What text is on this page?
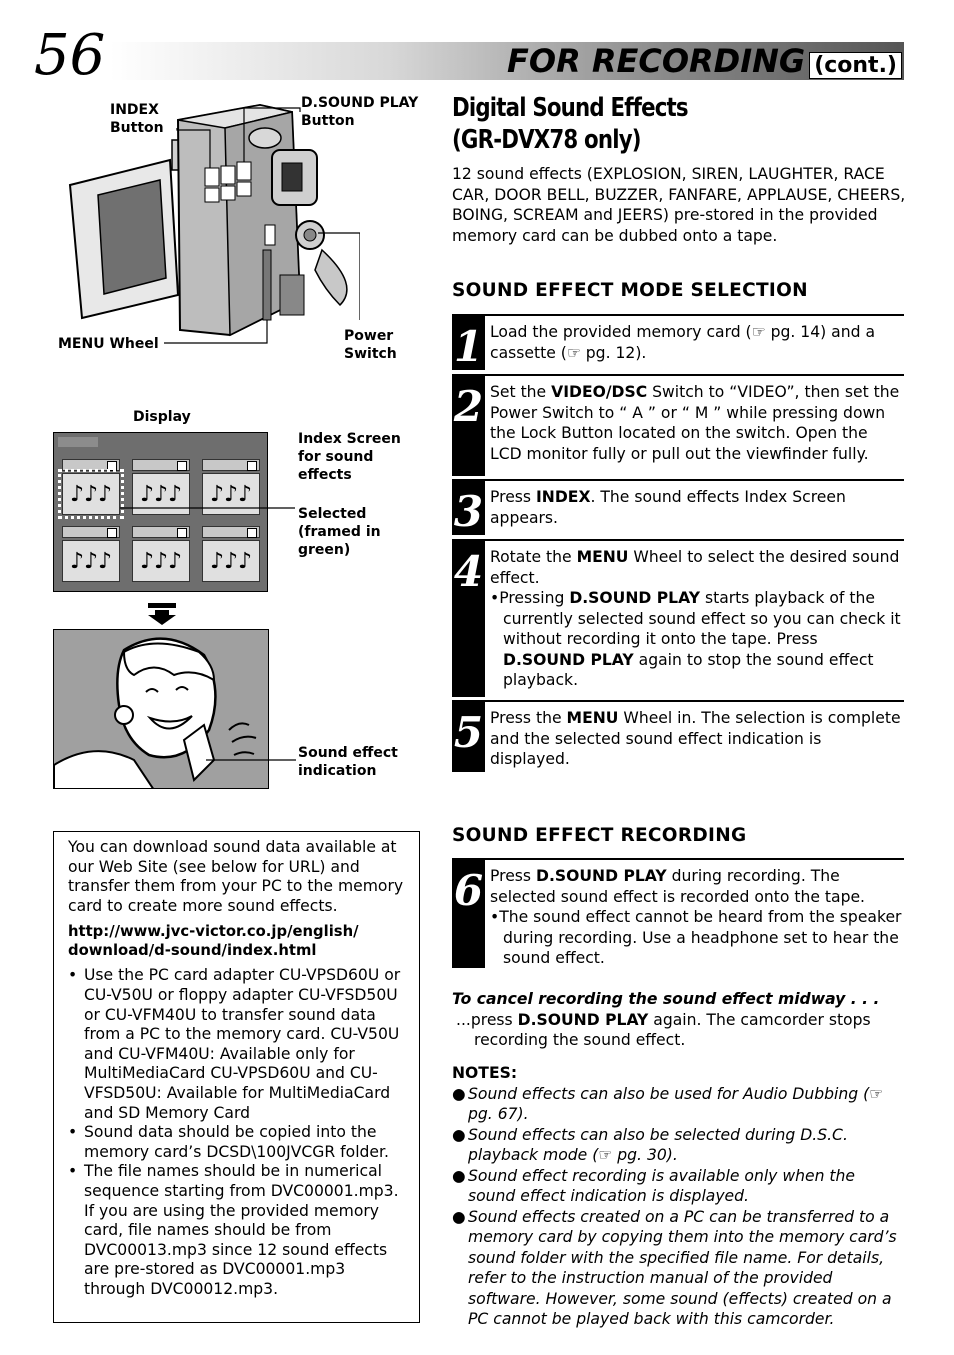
56	FOR RECORDING (cont.)
INDEX
Button
D.SOUND PLAY
Button
MENU Wheel	Power
Switch
Display
♪♪♪	♪♪♪	♪♪♪
♪♪♪	♪♪♪	♪♪♪
Index Screen
for sound
effects
Selected
(framed in
green)
Sound effect
indication
Digital Sound Effects
(GR-DVX78 only)
12 sound effects (EXPLOSION, SIREN, LAUGHTER, RACE CAR, DOOR BELL, BUZZER, FANFARE, APPLAUSE, CHEERS, BOING, SCREAM and JEERS) pre-stored in the provided memory card can be dubbed onto a tape.
SOUND EFFECT MODE SELECTION
1 Load the provided memory card (☞ pg. 14) and a cassette (☞ pg. 12).
2 Set the VIDEO/DSC Switch to “VIDEO”, then set the Power Switch to “ A ” or “ M ” while pressing down the Lock Button located on the switch. Open the LCD monitor fully or pull out the viewfinder fully.
3 Press INDEX. The sound effects Index Screen appears.
4 Rotate the MENU Wheel to select the desired sound effect.
•Pressing D.SOUND PLAY starts playback of the currently selected sound effect so you can check it without recording it onto the tape. Press D.SOUND PLAY again to stop the sound effect playback.
5 Press the MENU Wheel in. The selection is complete and the selected sound effect indication is displayed.
SOUND EFFECT RECORDING
6 Press D.SOUND PLAY during recording. The selected sound effect is recorded onto the tape.
•The sound effect cannot be heard from the speaker during recording. Use a headphone set to hear the sound effect.
To cancel recording the sound effect midway . . .
...press D.SOUND PLAY again. The camcorder stops recording the sound effect.
NOTES:
● Sound effects can also be used for Audio Dubbing (☞ pg. 67).
● Sound effects can also be selected during D.S.C. playback mode (☞ pg. 30).
● Sound effect recording is available only when the sound effect indication is displayed.
● Sound effects created on a PC can be transferred to a memory card by copying them into the memory card’s sound folder with the specified file name. For details, refer to the instruction manual of the provided software. However, some sound (effects) created on a PC cannot be played back with this camcorder.
You can download sound data available at our Web Site (see below for URL) and transfer them from your PC to the memory card to create more sound effects.
http://www.jvc-victor.co.jp/english/
download/d-sound/index.html
• Use the PC card adapter CU-VPSD60U or CU-V50U or floppy adapter CU-VFSD50U or CU-VFM40U to transfer sound data from a PC to the memory card. CU-V50U and CU-VFM40U: Available only for MultiMediaCard CU-VPSD60U and CU-VFSD50U: Available for MultiMediaCard and SD Memory Card
• Sound data should be copied into the memory card’s DCSD\100JVCGR folder.
• The file names should be in numerical sequence starting from DVC00001.mp3. If you are using the provided memory card, file names should be from DVC00013.mp3 since 12 sound effects are pre-stored as DVC00001.mp3 through DVC00012.mp3.
